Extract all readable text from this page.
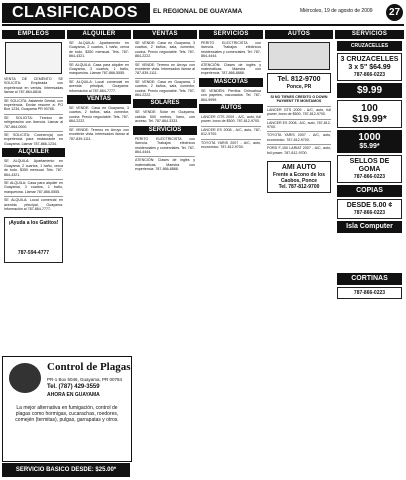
CLASIFICADOS	EL REGIONAL DE GUAYAMA	Miércoles, 19 de agosto de 2009 27
EMPLEOS
VENTA DE CEMENTO SE SOLICITA: Empleada con experiencia en ventas. Interesadas llamar al 787-864-6818.
SE SOLICITA: Asistente Dental, con experiencia. Enviar resume a: PO Box 1234, Guayama PR 00785.
SE SOLICITA: Técnico de refrigeración con licencia. Llamar al 787-864-0000.
SE SOLICITA: Cocinero(a) con experiencia para restaurante en Guayama. Llamar 787-866-1234.
ALQUILER
SE ALQUILA: Apartamento en Guayama, 2 cuartos, 1 baño, cerca de todo. $350 mensual. Tels. 787-864-4321.
SE ALQUILA: Casa para alquiler en Guayama, 3 cuartos, 1 baño, marquesina. Llamar 787-866-5555.
SE ALQUILA: Local comercial en avenida principal, Guayama. Información al 787-864-7777.
¡Ayuda a los Gatitos!
787-594-4777
ALQUILER
SE ALQUILA: Apartamento en Guayama, 2 cuartos, 1 baño, cerca de todo. $350 mensual. Tels. 787-864-4321.
SE ALQUILA: Casa para alquiler en Guayama, 3 cuartos, 1 baño, marquesina. Llamar 787-866-5555.
SE ALQUILA: Local comercial en avenida principal, Guayama. Información al 787-864-7777.
VENTAS
SE VENDE: Casa en Guayama, 3 cuartos, 2 baños, sala, comedor, cocina. Precio negociable. Tels. 787-864-2222.
SE VENDE: Terreno en Arroyo con excelente vista. Interesados llamar al 787-839-1111.
Control de Plagas
PR-1 Box 5046, Guayama, PR 00784
Tel. (787) 429-3559
AHORA EN GUAYAMA
La mejor alternativa en fumigación, control de plagas como hormigas, cucarachas, roedores, comején (termitas), pulgas, garrapatas y otros.
SERVICIO BASICO DESDE: $25.00*
VENTAS
SE VENDE: Casa en Guayama, 3 cuartos, 2 baños, sala, comedor, cocina. Precio negociable. Tels. 787-864-2222.
SE VENDE: Terreno en Arroyo con excelente vista. Interesados llamar al 787-839-1111.
SE VENDE: Casa en Guayama, 3 cuartos, 2 baños, sala, comedor, cocina. Precio negociable. Tels. 787-864-2222.
SOLARES
SE VENDE: Solar en Guayama, cabida 500 metros, llano, con acceso. Tel. 787-864-3333.
SERVICIOS
PERITO ELECTRICISTA con licencia. Trabajos eléctricos residenciales y comerciales. Tel. 787-864-4444.
ATENCIÓN: Clases de inglés y matemáticas. Maestra con experiencia. 787-866-8888.
SERVICIOS
PERITO ELECTRICISTA con licencia. Trabajos eléctricos residenciales y comerciales. Tel. 787-864-4444.
ATENCIÓN: Clases de inglés y matemáticas. Maestra con experiencia. 787-866-8888.
MASCOTAS
SE VENDEN: Perritos Chihuahua con papeles, vacunados. Tel. 787-864-9999.
AUTOS
LANCER GTS 2009 - A/C, auto, full power, bono de $500. 787-812-9700.
LANCER ES 2008 - A/C, auto, 787-812-9700.
TOYOTA YARIS 2007 - A/C, auto, económico. 787-812-9700.
AUTOS
Tel. 812-9700
Ponce, PR
SI NO TIENES CREDITO O DOWN PAYMENT TE MONTAMOS
LANCER GTS 2009 - A/C, auto, full power, bono de $500. 787-812-9700.
LANCER ES 2008 - A/C, auto, 787-812-9700.
TOYOTA YARIS 2007 - A/C, auto, económico. 787-812-9700.
FORD F-150 LARIAT 2007 - A/C, auto, full power. 787-812-9700.
AMI AUTO
Frente a Econo de los Caobos, Ponce
Tel. 787-812-9700
SERVICIOS
CRUZACELLES
3 CRUZACELLES
3 x 5" $64.99
787-866-0223
$9.99
100
$19.99*
1000
$5.99*
SELLOS DE GOMA
787-866-0223
COPIAS
DESDE 5.00 ¢
787-866-0223
Isla Computer
CORTINAS
787-866-0223
